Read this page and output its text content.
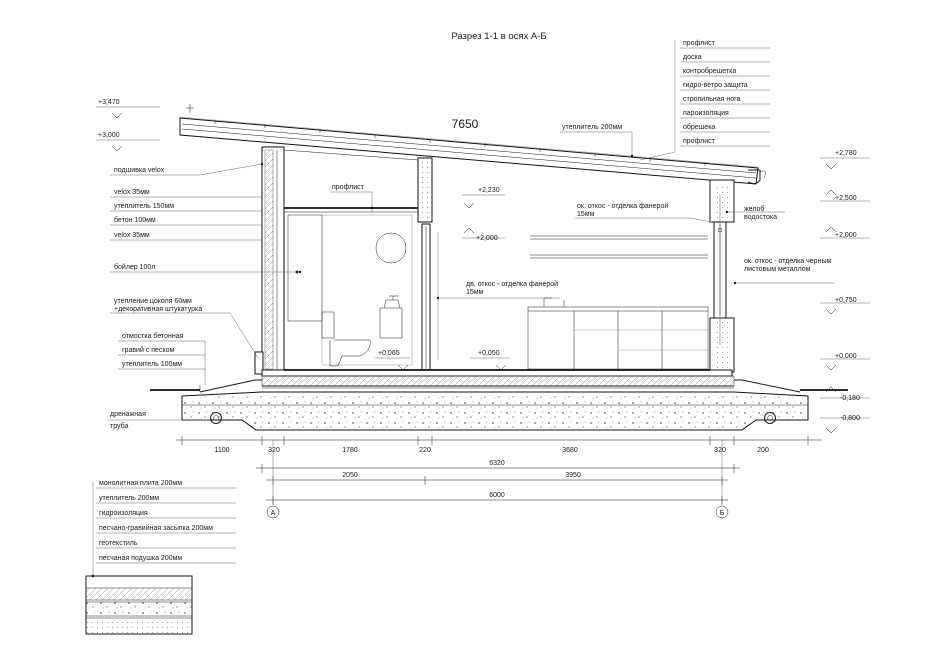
Разрез 1-1 в осях А-Б
7650
профлист
доска
контробрешетка
гидро-ветро защита
стропильная нога
пароизоляция
обрешека
профлист
утеплитель 200мм
+3,470
+3,000
подшивка velox
velox 35мм
утеплитель 150мм
бетон 100мм
velox 35мм
бойлер 100л
утепление цоколя 60мм
+декоративная штукатурка
отмостка бетонная
гравий с песком
утеплитель 100мм
дренажная
труба
профлист	+2,230
+2,000
ок. откос - отделка фанерой
15мм
дв. откос - отделка фанерой
15мм
желоб
водостока
ок. откос - отделка черным
листовым металлом
+0,065	+0,050
+2,780
+2,500
+2,000
+0,750
+0,000
-0,180
-0,800
1100	320	1780	220	3680	320	200
6320
2050	3950
6000
А	Б
монолитная плита 200мм
утеплитель 200мм
гидроизоляция
песчано-гравийная засыпка 200мм
геотекстиль
песчаная подушка 200мм
